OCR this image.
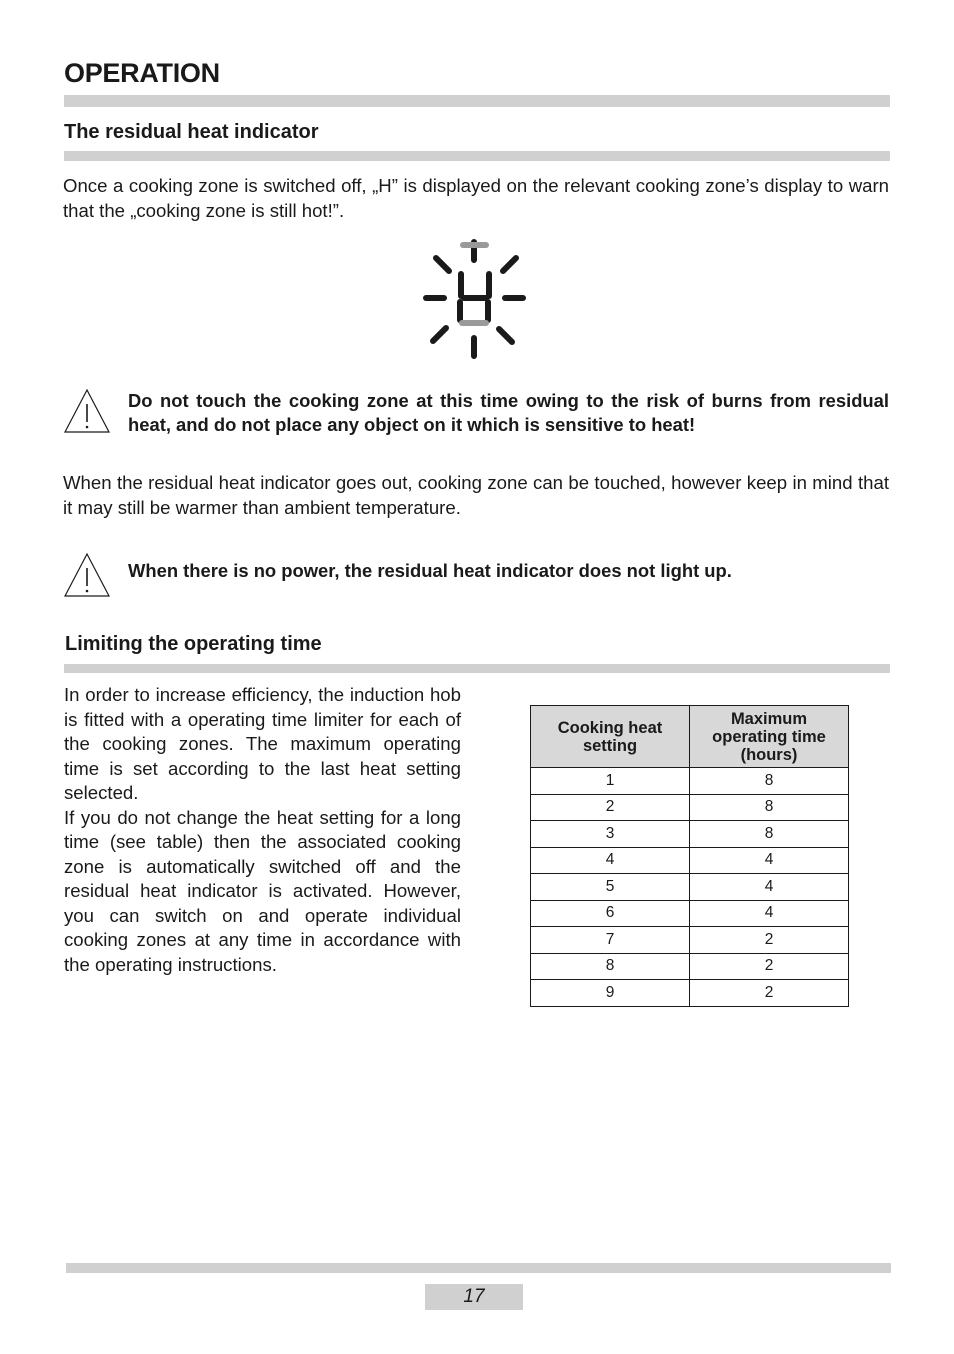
OPERATION
The residual heat indicator
Once a cooking zone is switched off, „H” is displayed on the relevant cooking zone’s display to warn that the „cooking zone is still hot!”.
Do not touch the cooking zone at this time owing to the risk of burns from residual heat, and do not place any object on it which is sensitive to heat!
When the residual heat indicator goes out, cooking zone can be touched, however keep in mind that it may still be warmer than ambient temperature.
When there is no power, the residual heat indicator does not light up.
Limiting the operating time
In order to increase efficiency, the induction hob is fitted with a operating time limiter for each of the cooking zones. The maximum operating time is set according to the last heat setting selected.
If you do not change the heat setting for a long time (see table) then the associated cooking zone is automatically switched off and the residual heat indicator is activated. However, you can switch on and operate individual cooking zones at any time in accordance with the operating instructions.
Cooking heat setting	Maximum operating time (hours)

1	8
2	8
3	8
4	4
5	4
6	4
7	2
8	2
9	2
17
